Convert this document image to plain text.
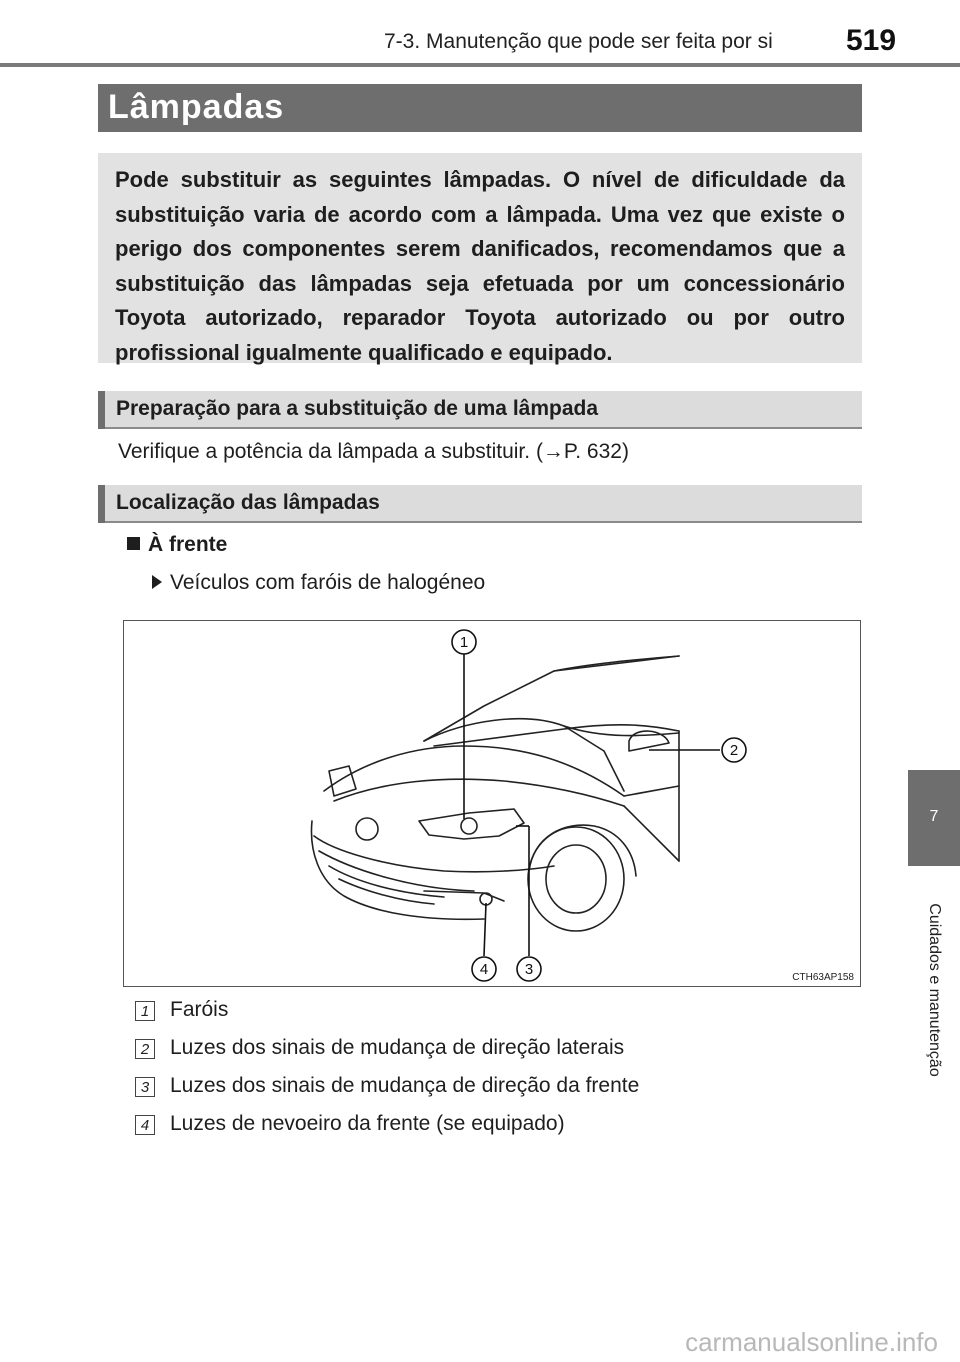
7-3. Manutenção que pode ser feita por si 519
Lâmpadas

Pode substituir as seguintes lâmpadas. O nível de dificuldade da substituição varia de acordo com a lâmpada. Uma vez que existe o perigo dos componentes serem danificados, recomendamos que a substituição das lâmpadas seja efetuada por um concessionário Toyota autorizado, reparador Toyota autorizado ou por outro profissional igualmente qualificado e equipado.

Preparação para a substituição de uma lâmpada
Verifique a potência da lâmpada a substituir. (→P. 632)
Localização das lâmpadas
À frente
Veículos com faróis de halogéneo
1
2
3
4	CTH63AP158
1 Faróis
2 Luzes dos sinais de mudança de direção laterais
3 Luzes dos sinais de mudança de direção da frente
4 Luzes de nevoeiro da frente (se equipado)
7
Cuidados e manutenção
carmanualsonline.info
